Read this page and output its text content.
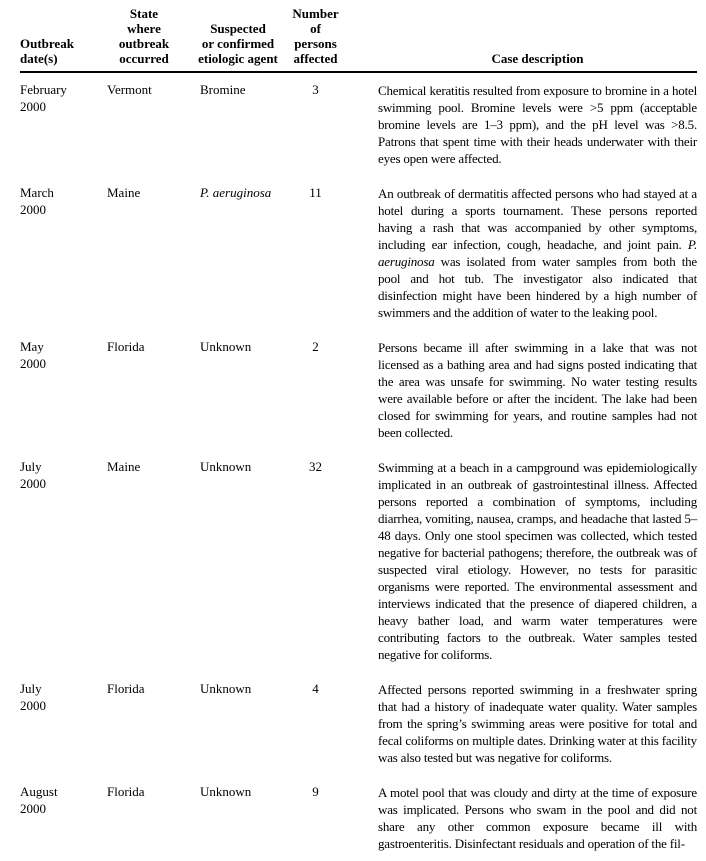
Outbreak
date(s)	State
where
outbreak
occurred	Suspected
or confirmed
etiologic agent	Number
of persons
affected	Case description
February
2000	Vermont	Bromine	3	Chemical keratitis resulted from exposure to bromine in a hotel swimming pool. Bromine levels were >5 ppm (acceptable bromine levels are 1–3 ppm), and the pH level was >8.5. Patrons that spent time with their heads underwater with their eyes open were affected.
March
2000	Maine	P. aeruginosa	11	An outbreak of dermatitis affected persons who had stayed at a hotel during a sports tournament. These persons reported having a rash that was accompanied by other symptoms, including ear infection, cough, headache, and joint pain. P. aeruginosa was isolated from water samples from both the pool and hot tub. The investigator also indicated that disinfection might have been hindered by a high number of swimmers and the addition of water to the leaking pool.
May
2000	Florida	Unknown	2	Persons became ill after swimming in a lake that was not licensed as a bathing area and had signs posted indicating that the area was unsafe for swimming. No water testing results were available before or after the incident. The lake had been closed for swimming for years, and routine samples had not been collected.
July
2000	Maine	Unknown	32	Swimming at a beach in a campground was epidemiologically implicated in an outbreak of gastrointestinal illness. Affected persons reported a combination of symptoms, including diarrhea, vomiting, nausea, cramps, and headache that lasted 5–48 days. Only one stool specimen was collected, which tested negative for bacterial pathogens; therefore, the outbreak was of suspected viral etiology. However, no tests for parasitic organisms were reported. The environmental assessment and interviews indicated that the presence of diapered children, a heavy bather load, and warm water temperatures were contributing factors to the outbreak. Water samples tested negative for coliforms.
July
2000	Florida	Unknown	4	Affected persons reported swimming in a freshwater spring that had a history of inadequate water quality. Water samples from the spring’s swimming areas were positive for total and fecal coliforms on multiple dates. Drinking water at this facility was also tested but was negative for coliforms.
August
2000	Florida	Unknown	9	A motel pool that was cloudy and dirty at the time of exposure was implicated. Persons who swam in the pool and did not share any other common exposure became ill with gastroenteritis. Disinfectant residuals and operation of the fil-
